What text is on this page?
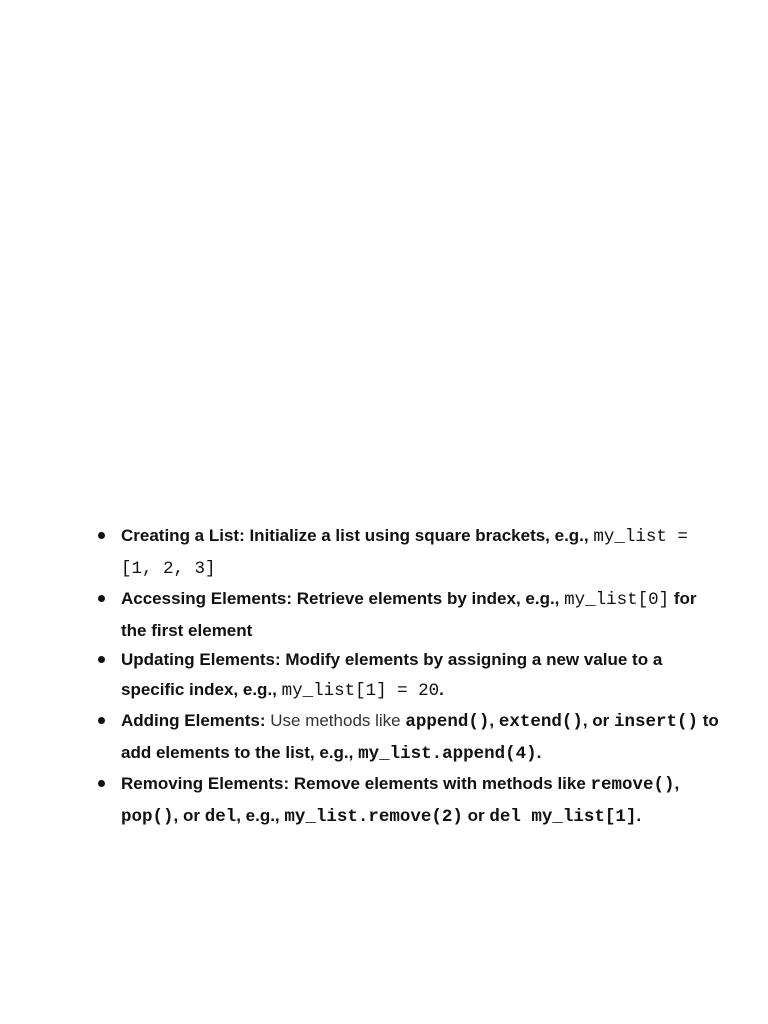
Creating a List: Initialize a list using square brackets, e.g., my_list = [1, 2, 3]
Accessing Elements: Retrieve elements by index, e.g., my_list[0] for the first element
Updating Elements: Modify elements by assigning a new value to a specific index, e.g., my_list[1] = 20.
Adding Elements: Use methods like append(), extend(), or insert() to add elements to the list, e.g., my_list.append(4).
Removing Elements: Remove elements with methods like remove(), pop(), or del, e.g., my_list.remove(2) or del my_list[1].
